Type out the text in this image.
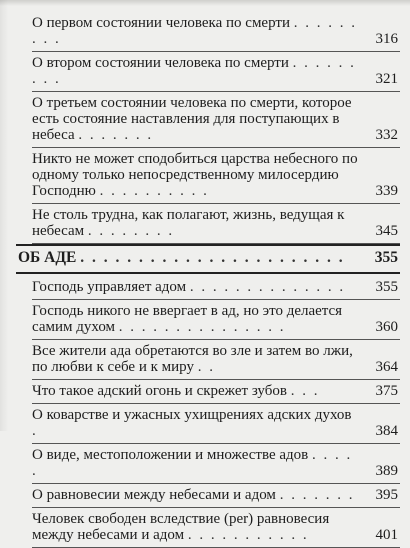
О первом состоянии человека по смерти . . . . . . . . .	316
О втором состоянии человека по смерти . . . . . . . . .	321
О третьем состоянии человека по смерти, которое есть состояние наставления для поступающих в небеса . . . . . . .	332
Никто не может сподобиться царства небесного по одному только непосредственному милосердию Господню . . . . . . . . . .	339
Не столь трудна, как полагают, жизнь, ведущая к небесам . . . . . . . .	345
ОБ АДЕ . . . . . . . . . . . . . . . . . . . . . . .	355
Господь управляет адом . . . . . . . . . . . . . .	355
Господь никого не ввергает в ад, но это делается самим духом . . . . . . . . . . . . . . .	360
Все жители ада обретаются во зле и затем во лжи, по любви к себе и к миру . .	364
Что такое адский огонь и скрежет зубов . . .	375
О коварстве и ужасных ухищрениях адских духов .	384
О виде, местоположении и множестве адов . . . . .	389
О равновесии между небесами и адом . . . . . . .	395
Человек свободен вследствие (per) равновесия между небесами и адом . . . . . . . . . . .	401
